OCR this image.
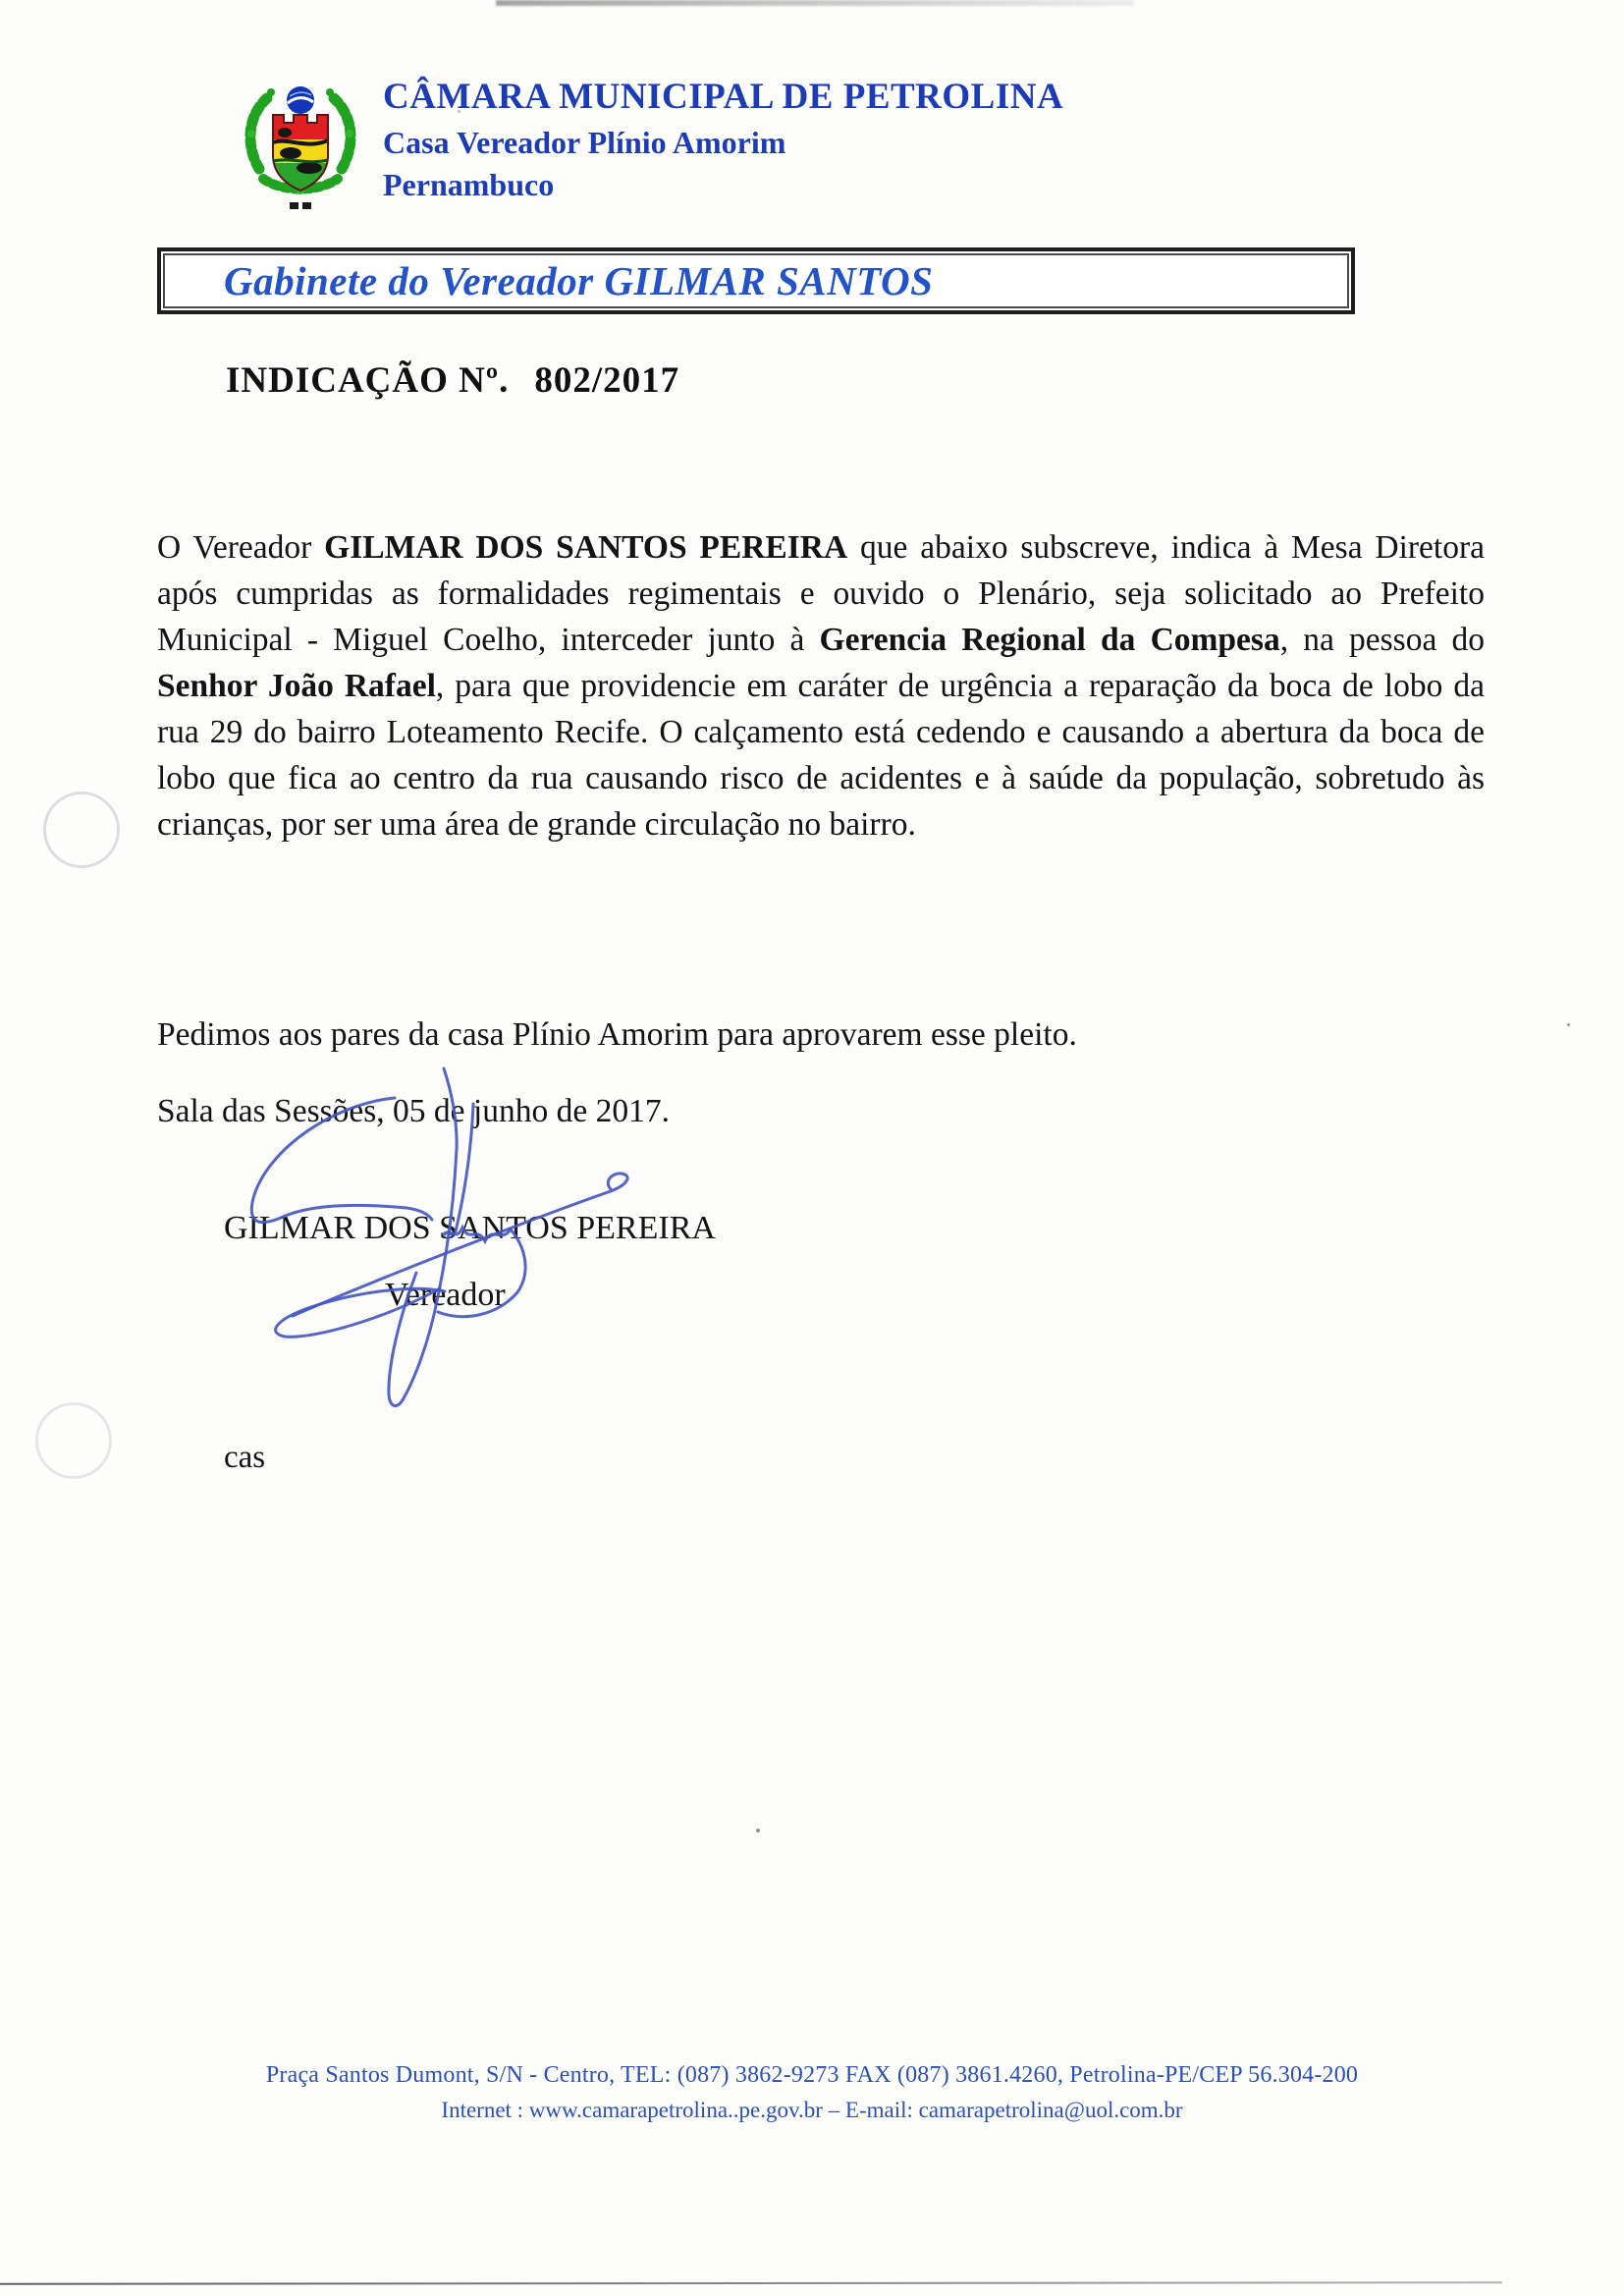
CÂMARA MUNICIPAL DE PETROLINA
Casa Vereador Plínio Amorim
Pernambuco
Gabinete do Vereador GILMAR SANTOS
INDICAÇÃO Nº. 802/2017
O Vereador GILMAR DOS SANTOS PEREIRA que abaixo subscreve, indica à Mesa Diretora após cumpridas as formalidades regimentais e ouvido o Plenário, seja solicitado ao Prefeito Municipal - Miguel Coelho, interceder junto à Gerencia Regional da Compesa, na pessoa do Senhor João Rafael, para que providencie em caráter de urgência a reparação da boca de lobo da rua 29 do bairro Loteamento Recife. O calçamento está cedendo e causando a abertura da boca de lobo que fica ao centro da rua causando risco de acidentes e à saúde da população, sobretudo às crianças, por ser uma área de grande circulação no bairro.
Pedimos aos pares da casa Plínio Amorim para aprovarem esse pleito.
Sala das Sessões, 05 de junho de 2017.
GILMAR DOS SANTOS PEREIRA
Vereador
cas
Praça Santos Dumont, S/N - Centro, TEL: (087) 3862-9273 FAX (087) 3861.4260, Petrolina-PE/CEP 56.304-200
Internet : www.camarapetrolina..pe.gov.br – E-mail: camarapetrolina@uol.com.br
